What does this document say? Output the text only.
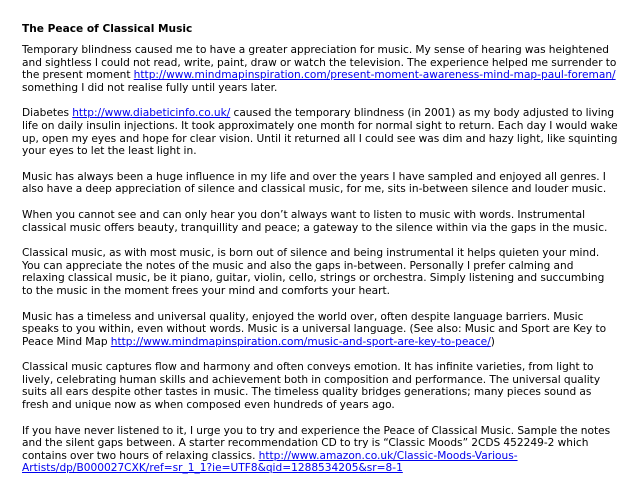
The Peace of Classical Music

Temporary blindness caused me to have a greater appreciation for music. My sense of hearing was heightened and sightless I could not read, write, paint, draw or watch the television. The experience helped me surrender to the present moment http://www.mindmapinspiration.com/present-moment-awareness-mind-map-paul-foreman/ something I did not realise fully until years later.

Diabetes http://www.diabeticinfo.co.uk/ caused the temporary blindness (in 2001) as my body adjusted to living life on daily insulin injections. It took approximately one month for normal sight to return. Each day I would wake up, open my eyes and hope for clear vision. Until it returned all I could see was dim and hazy light, like squinting your eyes to let the least light in.

Music has always been a huge influence in my life and over the years I have sampled and enjoyed all genres. I also have a deep appreciation of silence and classical music, for me, sits in-between silence and louder music.

When you cannot see and can only hear you don’t always want to listen to music with words. Instrumental classical music offers beauty, tranquillity and peace; a gateway to the silence within via the gaps in the music.

Classical music, as with most music, is born out of silence and being instrumental it helps quieten your mind. You can appreciate the notes of the music and also the gaps in-between. Personally I prefer calming and relaxing classical music, be it piano, guitar, violin, cello, strings or orchestra. Simply listening and succumbing to the music in the moment frees your mind and comforts your heart.

Music has a timeless and universal quality, enjoyed the world over, often despite language barriers. Music speaks to you within, even without words. Music is a universal language. (See also: Music and Sport are Key to Peace Mind Map http://www.mindmapinspiration.com/music-and-sport-are-key-to-peace/)

Classical music captures flow and harmony and often conveys emotion. It has infinite varieties, from light to lively, celebrating human skills and achievement both in composition and performance. The universal quality suits all ears despite other tastes in music. The timeless quality bridges generations; many pieces sound as fresh and unique now as when composed even hundreds of years ago.

If you have never listened to it, I urge you to try and experience the Peace of Classical Music. Sample the notes and the silent gaps between. A starter recommendation CD to try is “Classic Moods” 2CDS 452249-2 which contains over two hours of relaxing classics. http://www.amazon.co.uk/Classic-Moods-Various-Artists/dp/B000027CXK/ref=sr_1_1?ie=UTF8&qid=1288534205&sr=8-1
